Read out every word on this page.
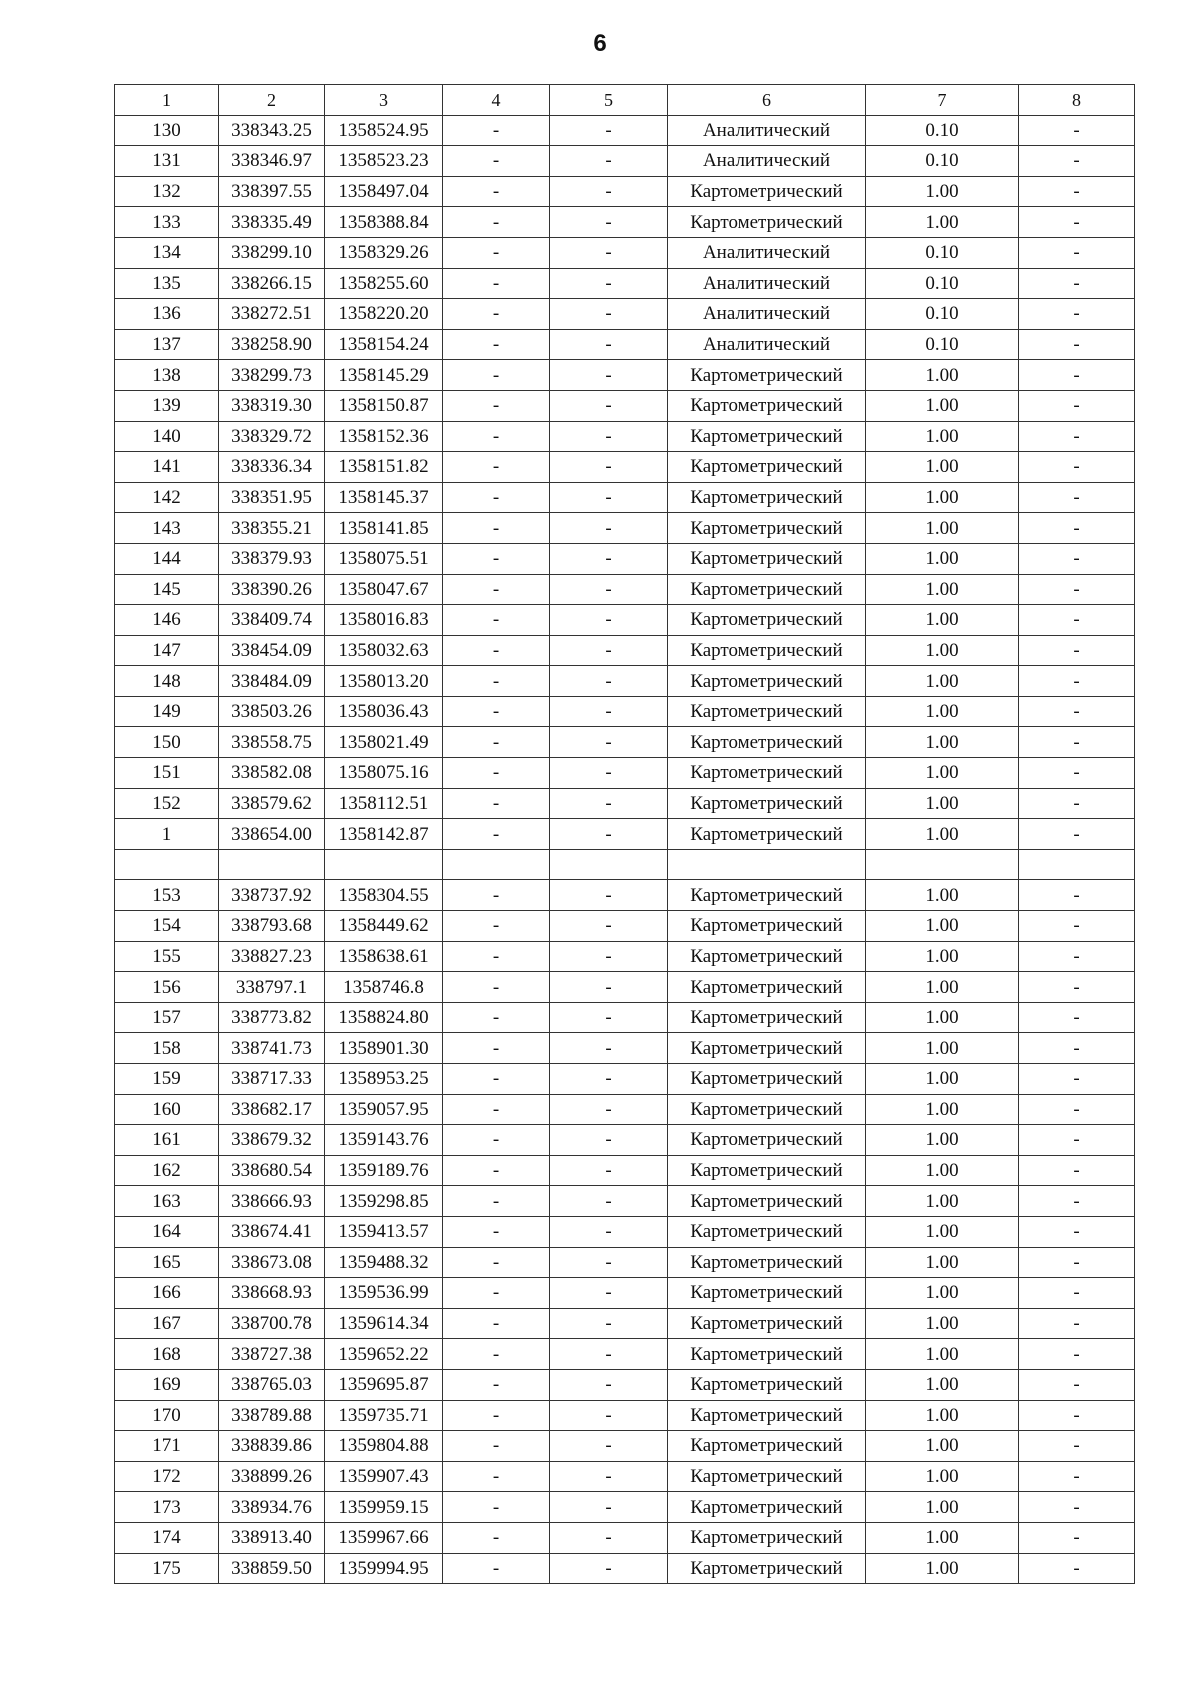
6
1	2	3	4	5	6	7	8
130	338343.25	1358524.95	-	-	Аналитический	0.10	-
131	338346.97	1358523.23	-	-	Аналитический	0.10	-
132	338397.55	1358497.04	-	-	Картометрический	1.00	-
133	338335.49	1358388.84	-	-	Картометрический	1.00	-
134	338299.10	1358329.26	-	-	Аналитический	0.10	-
135	338266.15	1358255.60	-	-	Аналитический	0.10	-
136	338272.51	1358220.20	-	-	Аналитический	0.10	-
137	338258.90	1358154.24	-	-	Аналитический	0.10	-
138	338299.73	1358145.29	-	-	Картометрический	1.00	-
139	338319.30	1358150.87	-	-	Картометрический	1.00	-
140	338329.72	1358152.36	-	-	Картометрический	1.00	-
141	338336.34	1358151.82	-	-	Картометрический	1.00	-
142	338351.95	1358145.37	-	-	Картометрический	1.00	-
143	338355.21	1358141.85	-	-	Картометрический	1.00	-
144	338379.93	1358075.51	-	-	Картометрический	1.00	-
145	338390.26	1358047.67	-	-	Картометрический	1.00	-
146	338409.74	1358016.83	-	-	Картометрический	1.00	-
147	338454.09	1358032.63	-	-	Картометрический	1.00	-
148	338484.09	1358013.20	-	-	Картометрический	1.00	-
149	338503.26	1358036.43	-	-	Картометрический	1.00	-
150	338558.75	1358021.49	-	-	Картометрический	1.00	-
151	338582.08	1358075.16	-	-	Картометрический	1.00	-
152	338579.62	1358112.51	-	-	Картометрический	1.00	-
1	338654.00	1358142.87	-	-	Картометрический	1.00	-

153	338737.92	1358304.55	-	-	Картометрический	1.00	-
154	338793.68	1358449.62	-	-	Картометрический	1.00	-
155	338827.23	1358638.61	-	-	Картометрический	1.00	-
156	338797.1	1358746.8	-	-	Картометрический	1.00	-
157	338773.82	1358824.80	-	-	Картометрический	1.00	-
158	338741.73	1358901.30	-	-	Картометрический	1.00	-
159	338717.33	1358953.25	-	-	Картометрический	1.00	-
160	338682.17	1359057.95	-	-	Картометрический	1.00	-
161	338679.32	1359143.76	-	-	Картометрический	1.00	-
162	338680.54	1359189.76	-	-	Картометрический	1.00	-
163	338666.93	1359298.85	-	-	Картометрический	1.00	-
164	338674.41	1359413.57	-	-	Картометрический	1.00	-
165	338673.08	1359488.32	-	-	Картометрический	1.00	-
166	338668.93	1359536.99	-	-	Картометрический	1.00	-
167	338700.78	1359614.34	-	-	Картометрический	1.00	-
168	338727.38	1359652.22	-	-	Картометрический	1.00	-
169	338765.03	1359695.87	-	-	Картометрический	1.00	-
170	338789.88	1359735.71	-	-	Картометрический	1.00	-
171	338839.86	1359804.88	-	-	Картометрический	1.00	-
172	338899.26	1359907.43	-	-	Картометрический	1.00	-
173	338934.76	1359959.15	-	-	Картометрический	1.00	-
174	338913.40	1359967.66	-	-	Картометрический	1.00	-
175	338859.50	1359994.95	-	-	Картометрический	1.00	-
